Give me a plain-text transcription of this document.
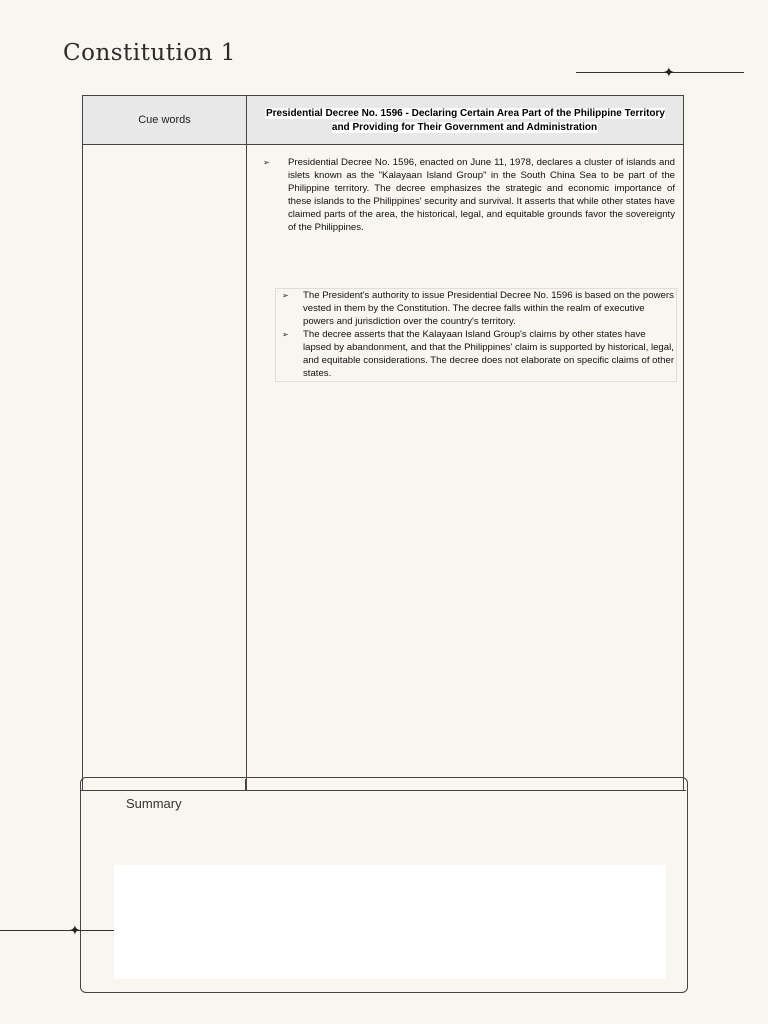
Constitution 1
✦
Cue words
Presidential Decree No. 1596 - Declaring Certain Area Part of the Philippine Territory and Providing for Their Government and Administration
➢	Presidential Decree No. 1596, enacted on June 11, 1978, declares a cluster of islands and islets known as the "Kalayaan Island Group" in the South China Sea to be part of the Philippine territory. The decree emphasizes the strategic and economic importance of these islands to the Philippines' security and survival. It asserts that while other states have claimed parts of the area, the historical, legal, and equitable grounds favor the sovereignty of the Philippines.
➢	The President's authority to issue Presidential Decree No. 1596 is based on the powers vested in them by the Constitution. The decree falls within the realm of executive powers and jurisdiction over the country's territory.
➢	The decree asserts that the Kalayaan Island Group's claims by other states have lapsed by abandonment, and that the Philippines' claim is supported by historical, legal, and equitable considerations. The decree does not elaborate on specific claims of other states.
Summary
✦
